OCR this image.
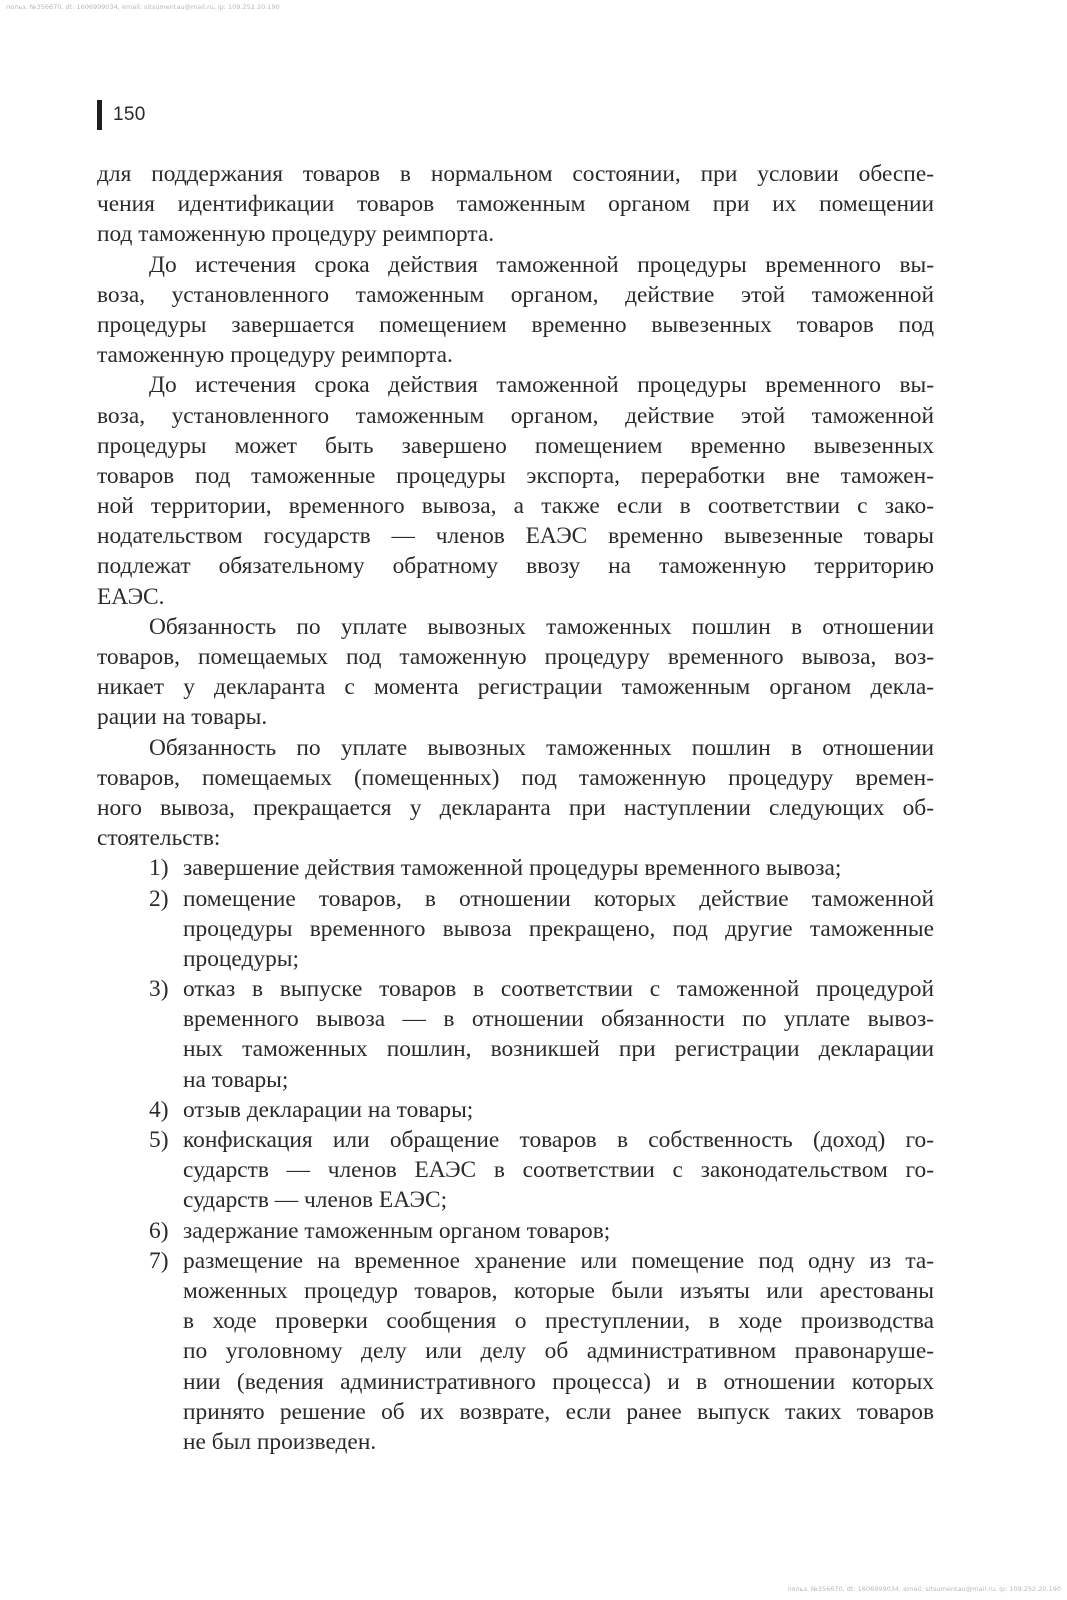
польз. №356670, dt: 1606999034, email: sitsumentau@mail.ru, ip: 109.252.20.190
150
для поддержания товаров в нормальном состоянии, при условии обеспе-
чения идентификации товаров таможенным органом при их помещении
под таможенную процедуру реимпорта.
До истечения срока действия таможенной процедуры временного вы-
воза, установленного таможенным органом, действие этой таможенной
процедуры завершается помещением временно вывезенных товаров под
таможенную процедуру реимпорта.
До истечения срока действия таможенной процедуры временного вы-
воза, установленного таможенным органом, действие этой таможенной
процедуры может быть завершено помещением временно вывезенных
товаров под таможенные процедуры экспорта, переработки вне таможен-
ной территории, временного вывоза, а также если в соответствии с зако-
нодательством государств — членов ЕАЭС временно вывезенные товары
подлежат обязательному обратному ввозу на таможенную территорию
ЕАЭС.
Обязанность по уплате вывозных таможенных пошлин в отношении
товаров, помещаемых под таможенную процедуру временного вывоза, воз-
никает у декларанта с момента регистрации таможенным органом декла-
рации на товары.
Обязанность по уплате вывозных таможенных пошлин в отношении
товаров, помещаемых (помещенных) под таможенную процедуру времен-
ного вывоза, прекращается у декларанта при наступлении следующих об-
стоятельств:
1) завершение действия таможенной процедуры временного вывоза;
2) помещение товаров, в отношении которых действие таможенной
процедуры временного вывоза прекращено, под другие таможенные
процедуры;
3) отказ в выпуске товаров в соответствии с таможенной процедурой
временного вывоза — в отношении обязанности по уплате вывоз-
ных таможенных пошлин, возникшей при регистрации декларации
на товары;
4) отзыв декларации на товары;
5) конфискация или обращение товаров в собственность (доход) го-
сударств — членов ЕАЭС в соответствии с законодательством го-
сударств — членов ЕАЭС;
6) задержание таможенным органом товаров;
7) размещение на временное хранение или помещение под одну из та-
моженных процедур товаров, которые были изъяты или арестованы
в ходе проверки сообщения о преступлении, в ходе производства
по уголовному делу или делу об административном правонаруше-
нии (ведения административного процесса) и в отношении которых
принято решение об их возврате, если ранее выпуск таких товаров
не был произведен.
польз. №356670, dt: 1606999034, email: sitsumentau@mail.ru, ip: 109.252.20.190
